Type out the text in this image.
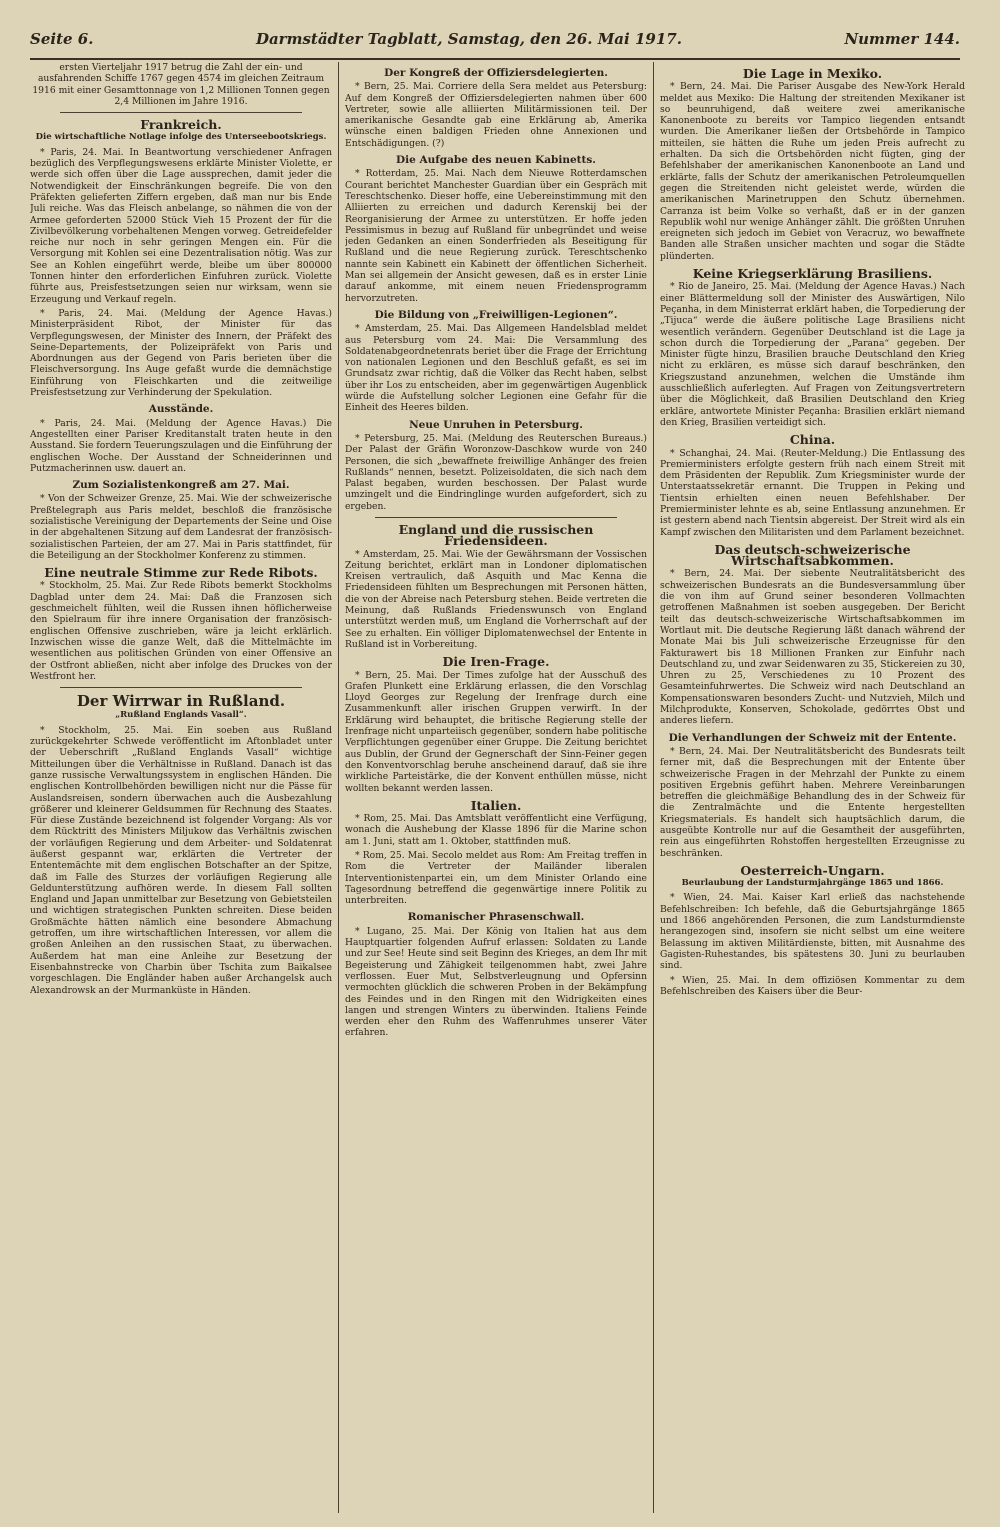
Seite 6.	Darmstädter Tagblatt, Samstag, den 26. Mai 1917.	Nummer 144.

ersten Vierteljahr 1917 betrug die Zahl der ein- und ausfahrenden Schiffe 1767 gegen 4574 im gleichen Zeitraum 1916 mit einer Gesamttonnage von 1,2 Millionen Tonnen gegen 2,4 Millionen im Jahre 1916.

Frankreich.
Die wirtschaftliche Notlage infolge des Unterseebootskriegs.

* Paris, 24. Mai. In Beantwortung verschiedener Anfragen bezüglich des Verpflegungswesens erklärte Minister Violette, er werde sich offen über die Lage aussprechen, damit jeder die Notwendigkeit der Einschränkungen begreife. Die von den Präfekten gelieferten Ziffern ergeben, daß man nur bis Ende Juli reiche. Was das Fleisch anbelange, so nähmen die von der Armee geforderten 52000 Stück Vieh 15 Prozent der für die Zivilbevölkerung vorbehaltenen Mengen vorweg. Getreidefelder reiche nur noch in sehr geringen Mengen ein. Für die Versorgung mit Kohlen sei eine Dezentralisation nötig. Was zur See an Kohlen eingeführt werde, bleibe um über 800000 Tonnen hinter den erforderlichen Einfuhren zurück. Violette führte aus, Preisfestsetzungen seien nur wirksam, wenn sie Erzeugung und Verkauf regeln.

* Paris, 24. Mai. (Meldung der Agence Havas.) Ministerpräsident Ribot, der Minister für das Verpflegungswesen, der Minister des Innern, der Präfekt des Seine-Departements, der Polizeipräfekt von Paris und Abordnungen aus der Gegend von Paris berieten über die Fleischversorgung. Ins Auge gefaßt wurde die demnächstige Einführung von Fleischkarten und die zeitweilige Preisfestsetzung zur Verhinderung der Spekulation.

Ausstände.

* Paris, 24. Mai. (Meldung der Agence Havas.) Die Angestellten einer Pariser Kreditanstalt traten heute in den Ausstand. Sie fordern Teuerungszulagen und die Einführung der englischen Woche. Der Ausstand der Schneiderinnen und Putzmacherinnen usw. dauert an.

Zum Sozialistenkongreß am 27. Mai.

* Von der Schweizer Grenze, 25. Mai. Wie der schweizerische Preßtelegraph aus Paris meldet, beschloß die französische sozialistische Vereinigung der Departements der Seine und Oise in der abgehaltenen Sitzung auf dem Landesrat der französisch-sozialistischen Parteien, der am 27. Mai in Paris stattfindet, für die Beteiligung an der Stockholmer Konferenz zu stimmen.

Eine neutrale Stimme zur Rede Ribots.

* Stockholm, 25. Mai. Zur Rede Ribots bemerkt Stockholms Dagblad unter dem 24. Mai: Daß die Franzosen sich geschmeichelt fühlten, weil die Russen ihnen höflicherweise den Spielraum für ihre innere Organisation der französisch-englischen Offensive zuschrieben, wäre ja leicht erklärlich. Inzwischen wisse die ganze Welt, daß die Mittelmächte im wesentlichen aus politischen Gründen von einer Offensive an der Ostfront abließen, nicht aber infolge des Druckes von der Westfront her.

Der Wirrwar in Rußland.
„Rußland Englands Vasall“.

* Stockholm, 25. Mai. Ein soeben aus Rußland zurückgekehrter Schwede veröffentlicht im Aftonbladet unter der Ueberschrift „Rußland Englands Vasall“ wichtige Mitteilungen über die Verhältnisse in Rußland. Danach ist das ganze russische Verwaltungssystem in englischen Händen. Die englischen Kontrollbehörden bewilligen nicht nur die Pässe für Auslandsreisen, sondern überwachen auch die Ausbezahlung größerer und kleinerer Geldsummen für Rechnung des Staates. Für diese Zustände bezeichnend ist folgender Vorgang: Als vor dem Rücktritt des Ministers Miljukow das Verhältnis zwischen der vorläufigen Regierung und dem Arbeiter- und Soldatenrat äußerst gespannt war, erklärten die Vertreter der Ententemächte mit dem englischen Botschafter an der Spitze, daß im Falle des Sturzes der vorläufigen Regierung alle Geldunterstützung aufhören werde. In diesem Fall sollten England und Japan unmittelbar zur Besetzung von Gebietsteilen und wichtigen strategischen Punkten schreiten. Diese beiden Großmächte hätten nämlich eine besondere Abmachung getroffen, um ihre wirtschaftlichen Interessen, vor allem die großen Anleihen an den russischen Staat, zu überwachen. Außerdem hat man eine Anleihe zur Besetzung der Eisenbahnstrecke von Charbin über Tschita zum Baikalsee vorgeschlagen. Die Engländer haben außer Archangelsk auch Alexandrowsk an der Murmanküste in Händen.

Der Kongreß der Offiziersdelegierten.

* Bern, 25. Mai. Corriere della Sera meldet aus Petersburg: Auf dem Kongreß der Offiziersdelegierten nahmen über 600 Vertreter, sowie alle alliierten Militärmissionen teil. Der amerikanische Gesandte gab eine Erklärung ab, Amerika wünsche einen baldigen Frieden ohne Annexionen und Entschädigungen. (?)

Die Aufgabe des neuen Kabinetts.

* Rotterdam, 25. Mai. Nach dem Nieuwe Rotterdamschen Courant berichtet Manchester Guardian über ein Gespräch mit Tereschtschenko. Dieser hoffe, eine Uebereinstimmung mit den Alliierten zu erreichen und dadurch Kerenskij bei der Reorganisierung der Armee zu unterstützen. Er hoffe jeden Pessimismus in bezug auf Rußland für unbegründet und weise jeden Gedanken an einen Sonderfrieden als Beseitigung für Rußland und die neue Regierung zurück. Tereschtschenko nannte sein Kabinett ein Kabinett der öffentlichen Sicherheit. Man sei allgemein der Ansicht gewesen, daß es in erster Linie darauf ankomme, mit einem neuen Friedensprogramm hervorzutreten.

Die Bildung von „Freiwilligen-Legionen“.

* Amsterdam, 25. Mai. Das Allgemeen Handelsblad meldet aus Petersburg vom 24. Mai: Die Versammlung des Soldatenabgeordnetenrats beriet über die Frage der Errichtung von nationalen Legionen und den Beschluß gefaßt, es sei im Grundsatz zwar richtig, daß die Völker das Recht haben, selbst über ihr Los zu entscheiden, aber im gegenwärtigen Augenblick würde die Aufstellung solcher Legionen eine Gefahr für die Einheit des Heeres bilden.

Neue Unruhen in Petersburg.

* Petersburg, 25. Mai. (Meldung des Reuterschen Bureaus.) Der Palast der Gräfin Woronzow-Daschkow wurde von 240 Personen, die sich „bewaffnete freiwillige Anhänger des freien Rußlands“ nennen, besetzt. Polizeisoldaten, die sich nach dem Palast begaben, wurden beschossen. Der Palast wurde umzingelt und die Eindringlinge wurden aufgefordert, sich zu ergeben.

England und die russischen Friedensideen.

* Amsterdam, 25. Mai. Wie der Gewährsmann der Vossischen Zeitung berichtet, erklärt man in Londoner diplomatischen Kreisen vertraulich, daß Asquith und Mac Kenna die Friedensideen fühlten um Besprechungen mit Personen hätten, die von der Abreise nach Petersburg stehen. Beide vertreten die Meinung, daß Rußlands Friedenswunsch von England unterstützt werden muß, um England die Vorherrschaft auf der See zu erhalten. Ein völliger Diplomatenwechsel der Entente in Rußland ist in Vorbereitung.

Die Iren-Frage.

* Bern, 25. Mai. Der Times zufolge hat der Ausschuß des Grafen Plunkett eine Erklärung erlassen, die den Vorschlag Lloyd Georges zur Regelung der Irenfrage durch eine Zusammenkunft aller irischen Gruppen verwirft. In der Erklärung wird behauptet, die britische Regierung stelle der Irenfrage nicht unparteiisch gegenüber, sondern habe politische Verpflichtungen gegenüber einer Gruppe. Die Zeitung berichtet aus Dublin, der Grund der Gegnerschaft der Sinn-Feiner gegen den Konventvorschlag beruhe anscheinend darauf, daß sie ihre wirkliche Parteistärke, die der Konvent enthüllen müsse, nicht wollten bekannt werden lassen.

Italien.

* Rom, 25. Mai. Das Amtsblatt veröffentlicht eine Verfügung, wonach die Aushebung der Klasse 1896 für die Marine schon am 1. Juni, statt am 1. Oktober, stattfinden muß.

* Rom, 25. Mai. Secolo meldet aus Rom: Am Freitag treffen in Rom die Vertreter der Mailänder liberalen Interventionistenpartei ein, um dem Minister Orlando eine Tagesordnung betreffend die gegenwärtige innere Politik zu unterbreiten.

Romanischer Phrasenschwall.

* Lugano, 25. Mai. Der König von Italien hat aus dem Hauptquartier folgenden Aufruf erlassen: Soldaten zu Lande und zur See! Heute sind seit Beginn des Krieges, an dem Ihr mit Begeisterung und Zähigkeit teilgenommen habt, zwei Jahre verflossen. Euer Mut, Selbstverleugnung und Opfersinn vermochten glücklich die schweren Proben in der Bekämpfung des Feindes und in den Ringen mit den Widrigkeiten eines langen und strengen Winters zu überwinden. Italiens Feinde werden eher den Ruhm des Waffenruhmes unserer Väter erfahren.

Die Lage in Mexiko.

* Bern, 24. Mai. Die Pariser Ausgabe des New-York Herald meldet aus Mexiko: Die Haltung der streitenden Mexikaner ist so beunruhigend, daß weitere zwei amerikanische Kanonenboote zu bereits vor Tampico liegenden entsandt wurden. Die Amerikaner ließen der Ortsbehörde in Tampico mitteilen, sie hätten die Ruhe um jeden Preis aufrecht zu erhalten. Da sich die Ortsbehörden nicht fügten, ging der Befehlshaber der amerikanischen Kanonenboote an Land und erklärte, falls der Schutz der amerikanischen Petroleumquellen gegen die Streitenden nicht geleistet werde, würden die amerikanischen Marinetruppen den Schutz übernehmen. Carranza ist beim Volke so verhaßt, daß er in der ganzen Republik wohl nur wenige Anhänger zählt. Die größten Unruhen ereigneten sich jedoch im Gebiet von Veracruz, wo bewaffnete Banden alle Straßen unsicher machten und sogar die Städte plünderten.

Keine Kriegserklärung Brasiliens.

* Rio de Janeiro, 25. Mai. (Meldung der Agence Havas.) Nach einer Blättermeldung soll der Minister des Auswärtigen, Nilo Peçanha, in dem Ministerrat erklärt haben, die Torpedierung der „Tijuca“ werde die äußere politische Lage Brasiliens nicht wesentlich verändern. Gegenüber Deutschland ist die Lage ja schon durch die Torpedierung der „Parana“ gegeben. Der Minister fügte hinzu, Brasilien brauche Deutschland den Krieg nicht zu erklären, es müsse sich darauf beschränken, den Kriegszustand anzunehmen, welchen die Umstände ihm ausschließlich auferlegten. Auf Fragen von Zeitungsvertretern über die Möglichkeit, daß Brasilien Deutschland den Krieg erkläre, antwortete Minister Peçanha: Brasilien erklärt niemand den Krieg, Brasilien verteidigt sich.

China.

* Schanghai, 24. Mai. (Reuter-Meldung.) Die Entlassung des Premierministers erfolgte gestern früh nach einem Streit mit dem Präsidenten der Republik. Zum Kriegsminister wurde der Unterstaatssekretär ernannt. Die Truppen in Peking und Tientsin erhielten einen neuen Befehlshaber. Der Premierminister lehnte es ab, seine Entlassung anzunehmen. Er ist gestern abend nach Tientsin abgereist. Der Streit wird als ein Kampf zwischen den Militaristen und dem Parlament bezeichnet.

Das deutsch-schweizerische Wirtschaftsabkommen.

* Bern, 24. Mai. Der siebente Neutralitätsbericht des schweizerischen Bundesrats an die Bundesversammlung über die von ihm auf Grund seiner besonderen Vollmachten getroffenen Maßnahmen ist soeben ausgegeben. Der Bericht teilt das deutsch-schweizerische Wirtschaftsabkommen im Wortlaut mit. Die deutsche Regierung läßt danach während der Monate Mai bis Juli schweizerische Erzeugnisse für den Fakturawert bis 18 Millionen Franken zur Einfuhr nach Deutschland zu, und zwar Seidenwaren zu 35, Stickereien zu 30, Uhren zu 25, Verschiedenes zu 10 Prozent des Gesamteinfuhrwertes. Die Schweiz wird nach Deutschland an Kompensationswaren besonders Zucht- und Nutzvieh, Milch und Milchprodukte, Konserven, Schokolade, gedörrtes Obst und anderes liefern.

Die Verhandlungen der Schweiz mit der Entente.

* Bern, 24. Mai. Der Neutralitätsbericht des Bundesrats teilt ferner mit, daß die Besprechungen mit der Entente über schweizerische Fragen in der Mehrzahl der Punkte zu einem positiven Ergebnis geführt haben. Mehrere Vereinbarungen betreffen die gleichmäßige Behandlung des in der Schweiz für die Zentralmächte und die Entente hergestellten Kriegsmaterials. Es handelt sich hauptsächlich darum, die ausgeübte Kontrolle nur auf die Gesamtheit der ausgeführten, rein aus eingeführten Rohstoffen hergestellten Erzeugnisse zu beschränken.

Oesterreich-Ungarn.
Beurlaubung der Landsturmjahrgänge 1865 und 1866.

* Wien, 24. Mai. Kaiser Karl erließ das nachstehende Befehlschreiben: Ich befehle, daß die Geburtsjahrgänge 1865 und 1866 angehörenden Personen, die zum Landsturmdienste herangezogen sind, insofern sie nicht selbst um eine weitere Belassung im aktiven Militärdienste, bitten, mit Ausnahme des Gagisten-Ruhestandes, bis spätestens 30. Juni zu beurlauben sind.

* Wien, 25. Mai. In dem offiziösen Kommentar zu dem Befehlschreiben des Kaisers über die Beur-
